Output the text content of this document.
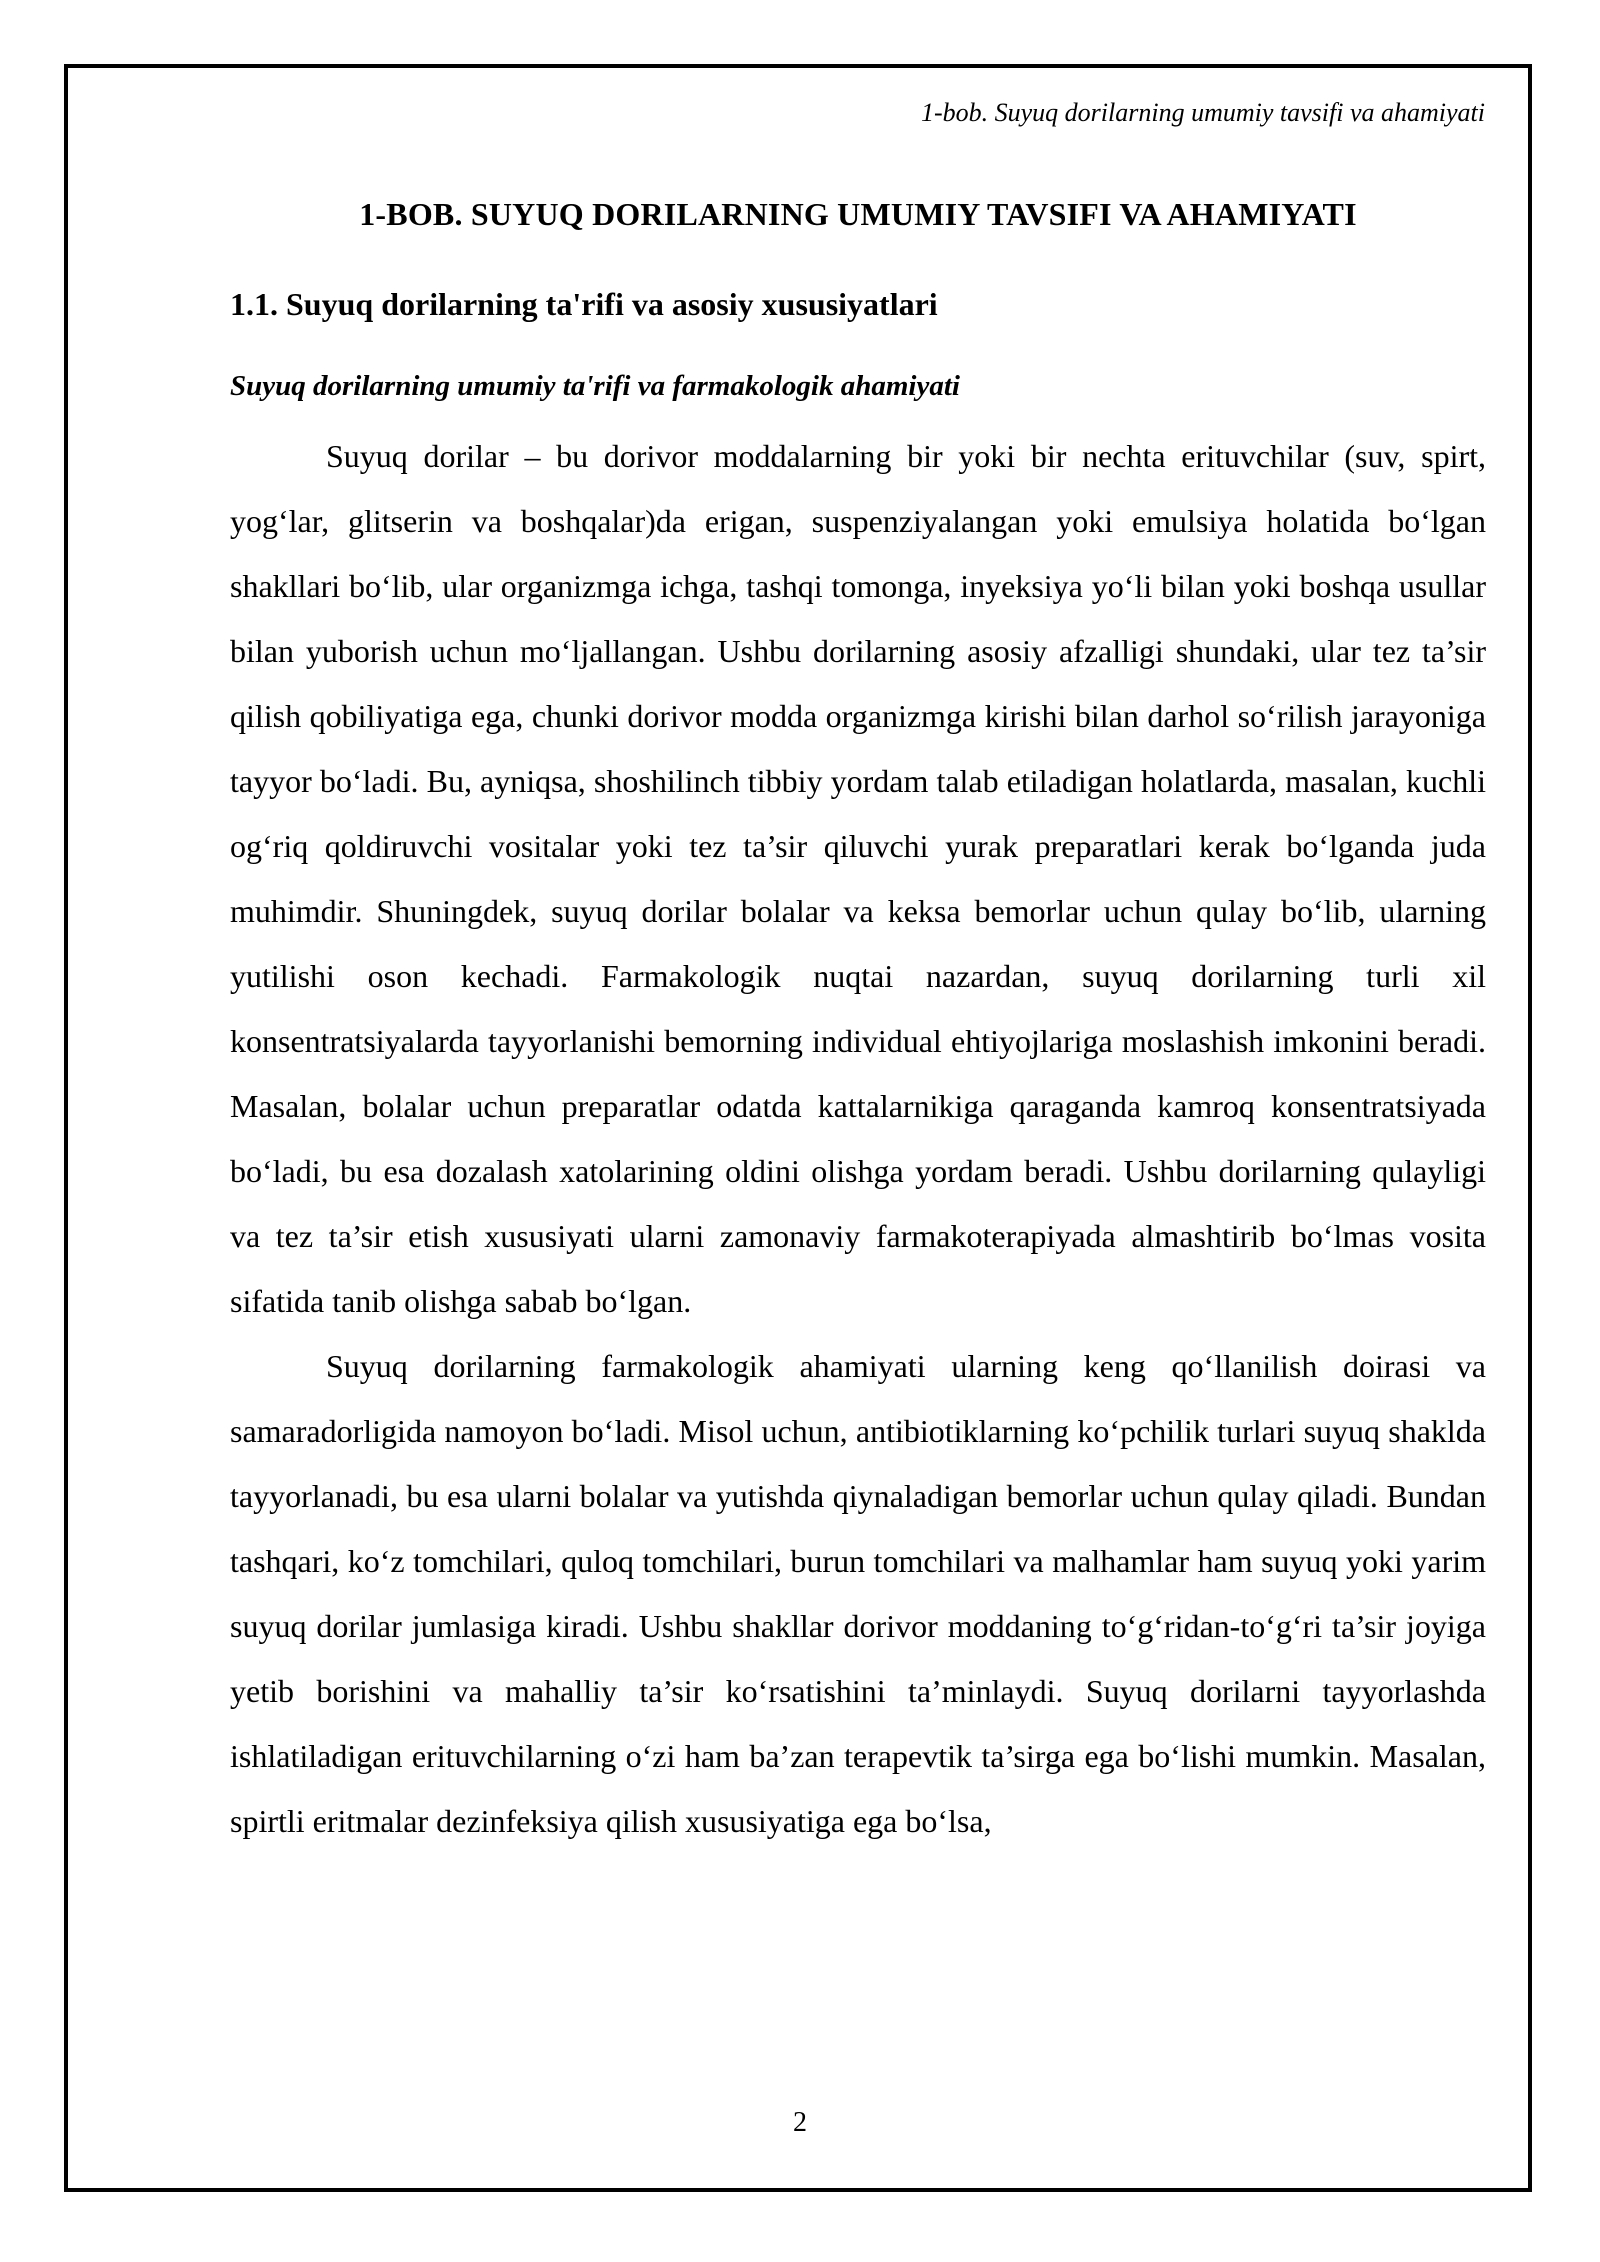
1-bob. Suyuq dorilarning umumiy tavsifi va ahamiyati
1-BOB. SUYUQ DORILARNING UMUMIY TAVSIFI VA AHAMIYATI
1.1. Suyuq dorilarning ta'rifi va asosiy xususiyatlari
Suyuq dorilarning umumiy ta'rifi va farmakologik ahamiyati

Suyuq dorilar – bu dorivor moddalarning bir yoki bir nechta erituvchilar (suv, spirt, yog‘lar, glitserin va boshqalar)da erigan, suspenziyalangan yoki emulsiya holatida bo‘lgan shakllari bo‘lib, ular organizmga ichga, tashqi tomonga, inyeksiya yo‘li bilan yoki boshqa usullar bilan yuborish uchun mo‘ljallangan. Ushbu dorilarning asosiy afzalligi shundaki, ular tez ta’sir qilish qobiliyatiga ega, chunki dorivor modda organizmga kirishi bilan darhol so‘rilish jarayoniga tayyor bo‘ladi. Bu, ayniqsa, shoshilinch tibbiy yordam talab etiladigan holatlarda, masalan, kuchli og‘riq qoldiruvchi vositalar yoki tez ta’sir qiluvchi yurak preparatlari kerak bo‘lganda juda muhimdir. Shuningdek, suyuq dorilar bolalar va keksa bemorlar uchun qulay bo‘lib, ularning yutilishi oson kechadi. Farmakologik nuqtai nazardan, suyuq dorilarning turli xil konsentratsiyalarda tayyorlanishi bemorning individual ehtiyojlariga moslashish imkonini beradi. Masalan, bolalar uchun preparatlar odatda kattalarnikiga qaraganda kamroq konsentratsiyada bo‘ladi, bu esa dozalash xatolarining oldini olishga yordam beradi. Ushbu dorilarning qulayligi va tez ta’sir etish xususiyati ularni zamonaviy farmakoterapiyada almashtirib bo‘lmas vosita sifatida tanib olishga sabab bo‘lgan.

Suyuq dorilarning farmakologik ahamiyati ularning keng qo‘llanilish doirasi va samaradorligida namoyon bo‘ladi. Misol uchun, antibiotiklarning ko‘pchilik turlari suyuq shaklda tayyorlanadi, bu esa ularni bolalar va yutishda qiynaladigan bemorlar uchun qulay qiladi. Bundan tashqari, ko‘z tomchilari, quloq tomchilari, burun tomchilari va malhamlar ham suyuq yoki yarim suyuq dorilar jumlasiga kiradi. Ushbu shakllar dorivor moddaning to‘g‘ridan-to‘g‘ri ta’sir joyiga yetib borishini va mahalliy ta’sir ko‘rsatishini ta’minlaydi. Suyuq dorilarni tayyorlashda ishlatiladigan erituvchilarning o‘zi ham ba’zan terapevtik ta’sirga ega bo‘lishi mumkin. Masalan, spirtli eritmalar dezinfeksiya qilish xususiyatiga ega bo‘lsa,

2
